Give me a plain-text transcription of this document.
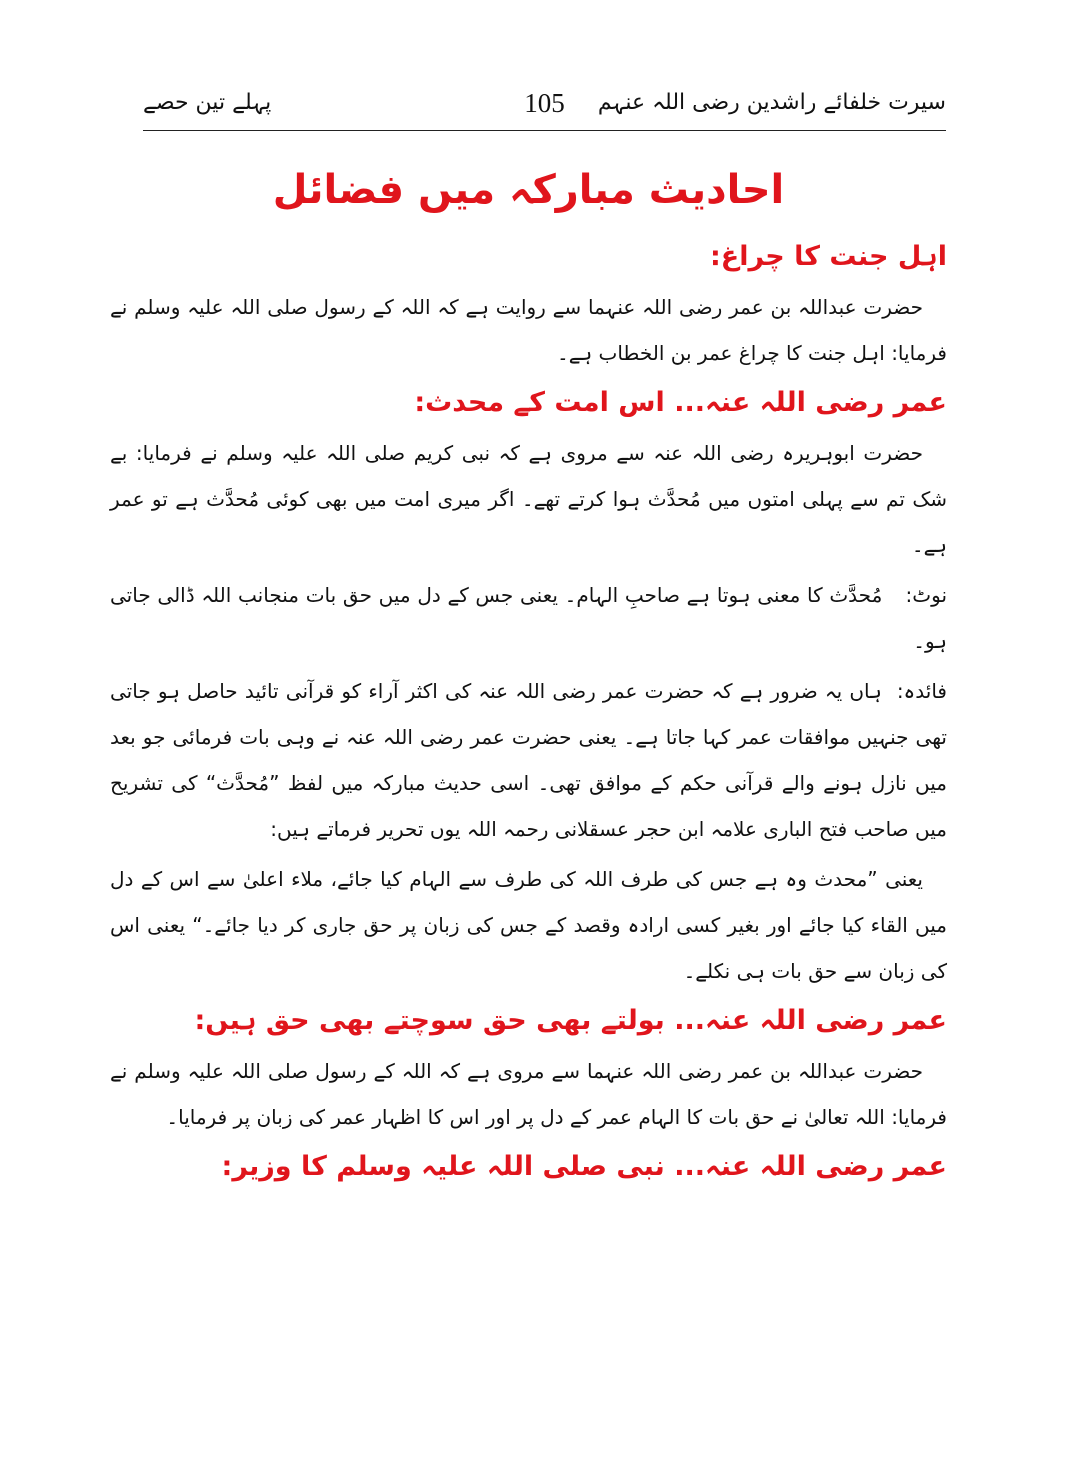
سیرت خلفائے راشدین رضی اللہ عنہم
105
پہلے تین حصے
احادیث مبارکہ میں فضائل
اہل جنت کا چراغ:

حضرت عبداللہ بن عمر رضی اللہ عنہما سے روایت ہے کہ اللہ کے رسول صلی اللہ علیہ وسلم نے فرمایا: اہل جنت کا چراغ عمر بن الخطاب ہے۔

عمر رضی اللہ عنہ... اس امت کے محدث:

حضرت ابوہریرہ رضی اللہ عنہ سے مروی ہے کہ نبی کریم صلی اللہ علیہ وسلم نے فرمایا: بے شک تم سے پہلی امتوں میں مُحدَّث ہوا کرتے تھے۔ اگر میری امت میں بھی کوئی مُحدَّث ہے تو عمر ہے۔

نوٹ: مُحدَّث کا معنی ہوتا ہے صاحبِ الہام۔ یعنی جس کے دل میں حق بات منجانب اللہ ڈالی جاتی ہو۔

فائدہ: ہاں یہ ضرور ہے کہ حضرت عمر رضی اللہ عنہ کی اکثر آراء کو قرآنی تائید حاصل ہو جاتی تھی جنہیں موافقات عمر کہا جاتا ہے۔ یعنی حضرت عمر رضی اللہ عنہ نے وہی بات فرمائی جو بعد میں نازل ہونے والے قرآنی حکم کے موافق تھی۔ اسی حدیث مبارکہ میں لفظ ”مُحدَّث“ کی تشریح میں صاحب فتح الباری علامہ ابن حجر عسقلانی رحمہ اللہ یوں تحریر فرماتے ہیں:

یعنی ”محدث وہ ہے جس کی طرف اللہ کی طرف سے الہام کیا جائے، ملاء اعلیٰ سے اس کے دل میں القاء کیا جائے اور بغیر کسی ارادہ وقصد کے جس کی زبان پر حق جاری کر دیا جائے۔“ یعنی اس کی زبان سے حق بات ہی نکلے۔

عمر رضی اللہ عنہ... بولتے بھی حق سوچتے بھی حق ہیں:

حضرت عبداللہ بن عمر رضی اللہ عنہما سے مروی ہے کہ اللہ کے رسول صلی اللہ علیہ وسلم نے فرمایا: اللہ تعالیٰ نے حق بات کا الہام عمر کے دل پر اور اس کا اظہار عمر کی زبان پر فرمایا۔

عمر رضی اللہ عنہ... نبی صلی اللہ علیہ وسلم کا وزیر:
